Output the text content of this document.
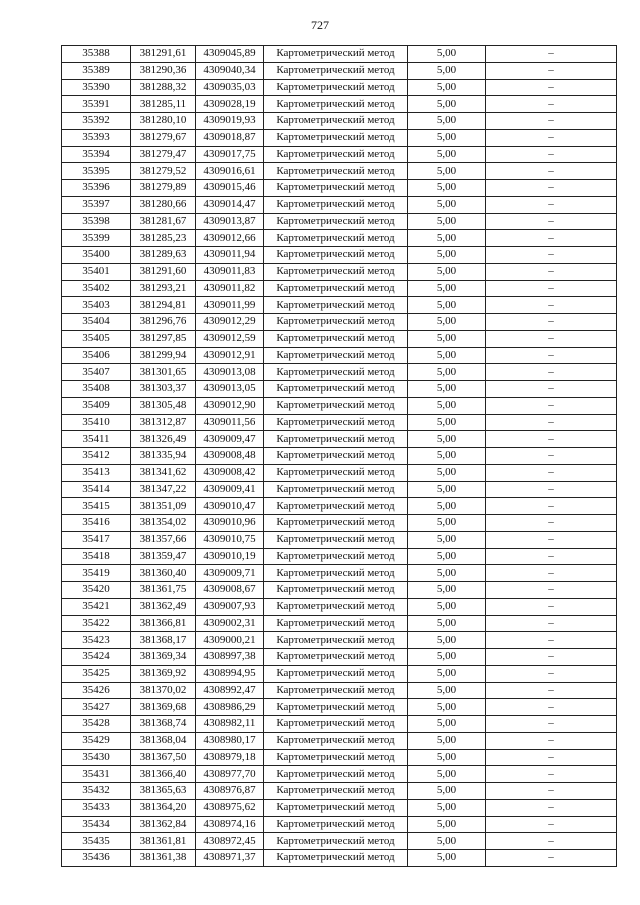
727
35388	381291,61	4309045,89	Картометрический метод	5,00	–
35389	381290,36	4309040,34	Картометрический метод	5,00	–
35390	381288,32	4309035,03	Картометрический метод	5,00	–
35391	381285,11	4309028,19	Картометрический метод	5,00	–
35392	381280,10	4309019,93	Картометрический метод	5,00	–
35393	381279,67	4309018,87	Картометрический метод	5,00	–
35394	381279,47	4309017,75	Картометрический метод	5,00	–
35395	381279,52	4309016,61	Картометрический метод	5,00	–
35396	381279,89	4309015,46	Картометрический метод	5,00	–
35397	381280,66	4309014,47	Картометрический метод	5,00	–
35398	381281,67	4309013,87	Картометрический метод	5,00	–
35399	381285,23	4309012,66	Картометрический метод	5,00	–
35400	381289,63	4309011,94	Картометрический метод	5,00	–
35401	381291,60	4309011,83	Картометрический метод	5,00	–
35402	381293,21	4309011,82	Картометрический метод	5,00	–
35403	381294,81	4309011,99	Картометрический метод	5,00	–
35404	381296,76	4309012,29	Картометрический метод	5,00	–
35405	381297,85	4309012,59	Картометрический метод	5,00	–
35406	381299,94	4309012,91	Картометрический метод	5,00	–
35407	381301,65	4309013,08	Картометрический метод	5,00	–
35408	381303,37	4309013,05	Картометрический метод	5,00	–
35409	381305,48	4309012,90	Картометрический метод	5,00	–
35410	381312,87	4309011,56	Картометрический метод	5,00	–
35411	381326,49	4309009,47	Картометрический метод	5,00	–
35412	381335,94	4309008,48	Картометрический метод	5,00	–
35413	381341,62	4309008,42	Картометрический метод	5,00	–
35414	381347,22	4309009,41	Картометрический метод	5,00	–
35415	381351,09	4309010,47	Картометрический метод	5,00	–
35416	381354,02	4309010,96	Картометрический метод	5,00	–
35417	381357,66	4309010,75	Картометрический метод	5,00	–
35418	381359,47	4309010,19	Картометрический метод	5,00	–
35419	381360,40	4309009,71	Картометрический метод	5,00	–
35420	381361,75	4309008,67	Картометрический метод	5,00	–
35421	381362,49	4309007,93	Картометрический метод	5,00	–
35422	381366,81	4309002,31	Картометрический метод	5,00	–
35423	381368,17	4309000,21	Картометрический метод	5,00	–
35424	381369,34	4308997,38	Картометрический метод	5,00	–
35425	381369,92	4308994,95	Картометрический метод	5,00	–
35426	381370,02	4308992,47	Картометрический метод	5,00	–
35427	381369,68	4308986,29	Картометрический метод	5,00	–
35428	381368,74	4308982,11	Картометрический метод	5,00	–
35429	381368,04	4308980,17	Картометрический метод	5,00	–
35430	381367,50	4308979,18	Картометрический метод	5,00	–
35431	381366,40	4308977,70	Картометрический метод	5,00	–
35432	381365,63	4308976,87	Картометрический метод	5,00	–
35433	381364,20	4308975,62	Картометрический метод	5,00	–
35434	381362,84	4308974,16	Картометрический метод	5,00	–
35435	381361,81	4308972,45	Картометрический метод	5,00	–
35436	381361,38	4308971,37	Картометрический метод	5,00	–
